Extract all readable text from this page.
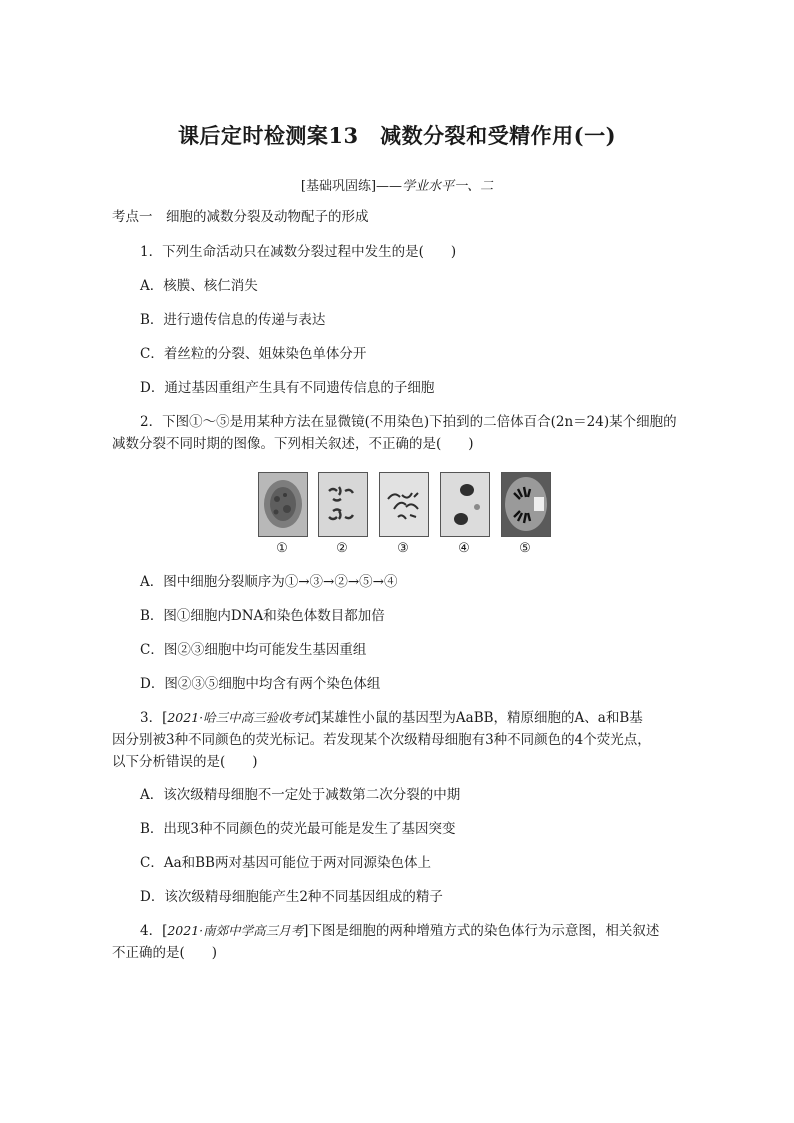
课后定时检测案13　减数分裂和受精作用(一)
[基础巩固练]——学业水平一、二
考点一　细胞的减数分裂及动物配子的形成
1．下列生命活动只在减数分裂过程中发生的是(　　)
A．核膜、核仁消失
B．进行遗传信息的传递与表达
C．着丝粒的分裂、姐妹染色单体分开
D．通过基因重组产生具有不同遗传信息的子细胞
2．下图①～⑤是用某种方法在显微镜(不用染色)下拍到的二倍体百合(2n＝24)某个细胞的
减数分裂不同时期的图像。下列相关叙述，不正确的是(　　)
①	②	③	④	⑤
A．图中细胞分裂顺序为①→③→②→⑤→④
B．图①细胞内DNA和染色体数目都加倍
C．图②③细胞中均可能发生基因重组
D．图②③⑤细胞中均含有两个染色体组
3．[2021·哈三中高三验收考试]某雄性小鼠的基因型为AaBB，精原细胞的A、a和B基
因分别被3种不同颜色的荧光标记。若发现某个次级精母细胞有3种不同颜色的4个荧光点，
以下分析错误的是(　　)
A．该次级精母细胞不一定处于减数第二次分裂的中期
B．出现3种不同颜色的荧光最可能是发生了基因突变
C．Aa和BB两对基因可能位于两对同源染色体上
D．该次级精母细胞能产生2种不同基因组成的精子
4．[2021·南郊中学高三月考]下图是细胞的两种增殖方式的染色体行为示意图，相关叙述
不正确的是(　　)
